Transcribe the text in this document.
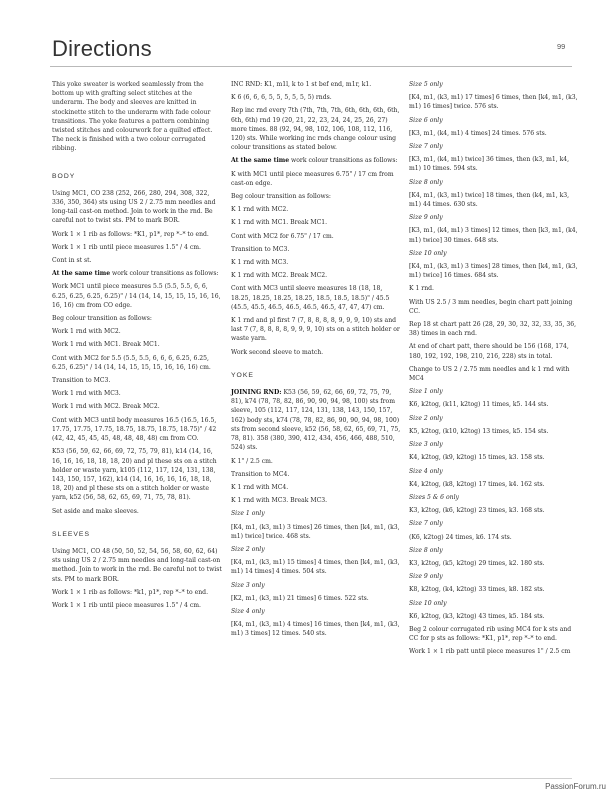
Directions	99

This yoke sweater is worked seamlessly from the bottom up with grafting select stitches at the underarm. The body and sleeves are knitted in stockinette stitch to the underarm with fade colour transitions. The yoke features a pattern combining twisted stitches and colourwork for a quilted effect. The neck is finished with a two colour corrugated ribbing.

BODY

Using MC1, CO 238 (252, 266, 280, 294, 308, 322, 336, 350, 364) sts using US 2 / 2.75 mm needles and long-tail cast-on method. Join to work in the rnd. Be careful not to twist sts. PM to mark BOR.

Work 1 × 1 rib as follows: *K1, p1*, rep *–* to end.

Work 1 × 1 rib until piece measures 1.5" / 4 cm.

Cont in st st.

At the same time work colour transitions as follows:

Work MC1 until piece measures 5.5 (5.5, 5.5, 6, 6, 6.25, 6.25, 6.25, 6.25)" / 14 (14, 14, 15, 15, 15, 16, 16, 16, 16) cm from CO edge.

Beg colour transition as follows:

Work 1 rnd with MC2.

Work 1 rnd with MC1. Break MC1.

Cont with MC2 for 5.5 (5.5, 5.5, 6, 6, 6, 6.25, 6.25, 6.25, 6.25)" / 14 (14, 14, 15, 15, 15, 16, 16, 16) cm.

Transition to MC3.

Work 1 rnd with MC3.

Work 1 rnd with MC2. Break MC2.

Cont with MC3 until body measures 16.5 (16.5, 16.5, 17.75, 17.75, 17.75, 18.75, 18.75, 18.75, 18.75)" / 42 (42, 42, 45, 45, 45, 48, 48, 48, 48) cm from CO.

K53 (56, 59, 62, 66, 69, 72, 75, 79, 81), k14 (14, 16, 16, 16, 16, 18, 18, 18, 20) and pl these sts on a stitch holder or waste yarn, k105 (112, 117, 124, 131, 138, 143, 150, 157, 162), k14 (14, 16, 16, 16, 16, 18, 18, 18, 20) and pl these sts on a stitch holder or waste yarn, k52 (56, 58, 62, 65, 69, 71, 75, 78, 81).

Set aside and make sleeves.

SLEEVES

Using MC1, CO 48 (50, 50, 52, 54, 56, 58, 60, 62, 64) sts using US 2 / 2.75 mm needles and long-tail cast-on method. Join to work in the rnd. Be careful not to twist sts. PM to mark BOR.

Work 1 × 1 rib as follows: *k1, p1*, rep *–* to end.

Work 1 × 1 rib until piece measures 1.5" / 4 cm.

INC RND: K1, m1l, k to 1 st bef end, m1r, k1.

K 6 (6, 6, 6, 5, 5, 5, 5, 5, 5) rnds.

Rep inc rnd every 7th (7th, 7th, 7th, 6th, 6th, 6th, 6th, 6th, 6th) rnd 19 (20, 21, 22, 23, 24, 24, 25, 26, 27) more times. 88 (92, 94, 98, 102, 106, 108, 112, 116, 120) sts. While working inc rnds change colour using colour transitions as stated below.

At the same time work colour transitions as follows:

K with MC1 until piece measures 6.75" / 17 cm from cast-on edge.

Beg colour transition as follows:

K 1 rnd with MC2.

K 1 rnd with MC1. Break MC1.

Cont with MC2 for 6.75" / 17 cm.

Transition to MC3.

K 1 rnd with MC3.

K 1 rnd with MC2. Break MC2.

Cont with MC3 until sleeve measures 18 (18, 18, 18.25, 18.25, 18.25, 18.25, 18.5, 18.5, 18.5)" / 45.5 (45.5, 45.5, 46.5, 46.5, 46.5, 46.5, 47, 47, 47) cm.

K 1 rnd and pl first 7 (7, 8, 8, 8, 8, 9, 9, 9, 10) sts and last 7 (7, 8, 8, 8, 8, 9, 9, 9, 10) sts on a stitch holder or waste yarn.

Work second sleeve to match.

YOKE

JOINING RND: K53 (56, 59, 62, 66, 69, 72, 75, 79, 81), k74 (78, 78, 82, 86, 90, 90, 94, 98, 100) sts from sleeve, 105 (112, 117, 124, 131, 138, 143, 150, 157, 162) body sts, k74 (78, 78, 82, 86, 90, 90, 94, 98, 100) sts from second sleeve, k52 (56, 58, 62, 65, 69, 71, 75, 78, 81). 358 (380, 390, 412, 434, 456, 466, 488, 510, 524) sts.

K 1" / 2.5 cm.

Transition to MC4.

K 1 rnd with MC4.

K 1 rnd with MC3. Break MC3.

Size 1 only

[K4, m1, (k3, m1) 3 times] 26 times, then [k4, m1, (k3, m1) twice] twice. 468 sts.

Size 2 only

[K4, m1, (k3, m1) 15 times] 4 times, then [k4, m1, (k3, m1) 14 times] 4 times. 504 sts.

Size 3 only

[K2, m1, (k3, m1) 21 times] 6 times. 522 sts.

Size 4 only

[K4, m1, (k3, m1) 4 times] 16 times, then [k4, m1, (k3, m1) 3 times] 12 times. 540 sts.

Size 5 only

[K4, m1, (k3, m1) 17 times] 6 times, then [k4, m1, (k3, m1) 16 times] twice. 576 sts.

Size 6 only

[K3, m1, (k4, m1) 4 times] 24 times. 576 sts.

Size 7 only

[K3, m1, (k4, m1) twice] 36 times, then (k3, m1, k4, m1) 10 times. 594 sts.

Size 8 only

[K4, m1, (k3, m1) twice] 18 times, then (k4, m1, k3, m1) 44 times. 630 sts.

Size 9 only

[K3, m1, (k4, m1) 3 times] 12 times, then [k3, m1, (k4, m1) twice] 30 times. 648 sts.

Size 10 only

[K4, m1, (k3, m1) 3 times] 28 times, then [k4, m1, (k3, m1) twice] 16 times. 684 sts.

K 1 rnd.

With US 2.5 / 3 mm needles, begin chart patt joining CC.

Rep 18 st chart patt 26 (28, 29, 30, 32, 32, 33, 35, 36, 38) times in each rnd.

At end of chart patt, there should be 156 (168, 174, 180, 192, 192, 198, 210, 216, 228) sts in total.

Change to US 2 / 2.75 mm needles and k 1 rnd with MC4

Size 1 only

K6, k2tog, (k11, k2tog) 11 times, k5. 144 sts.

Size 2 only

K5, k2tog, (k10, k2tog) 13 times, k5. 154 sts.

Size 3 only

K4, k2tog, (k9, k2tog) 15 times, k3. 158 sts.

Size 4 only

K4, k2tog, (k8, k2tog) 17 times, k4. 162 sts.

Sizes 5 & 6 only

K3, k2tog, (k6, k2tog) 23 times, k3. 168 sts.

Size 7 only

(K6, k2tog) 24 times, k6. 174 sts.

Size 8 only

K3, k2tog, (k5, k2tog) 29 times, k2. 180 sts.

Size 9 only

K8, k2tog, (k4, k2tog) 33 times, k8. 182 sts.

Size 10 only

K6, k2tog, (k3, k2tog) 43 times, k5. 184 sts.

Beg 2 colour corrugated rib using MC4 for k sts and CC for p sts as follows: *K1, p1*, rep *–* to end.

Work 1 × 1 rib patt until piece measures 1" / 2.5 cm

PassionForum.ru
